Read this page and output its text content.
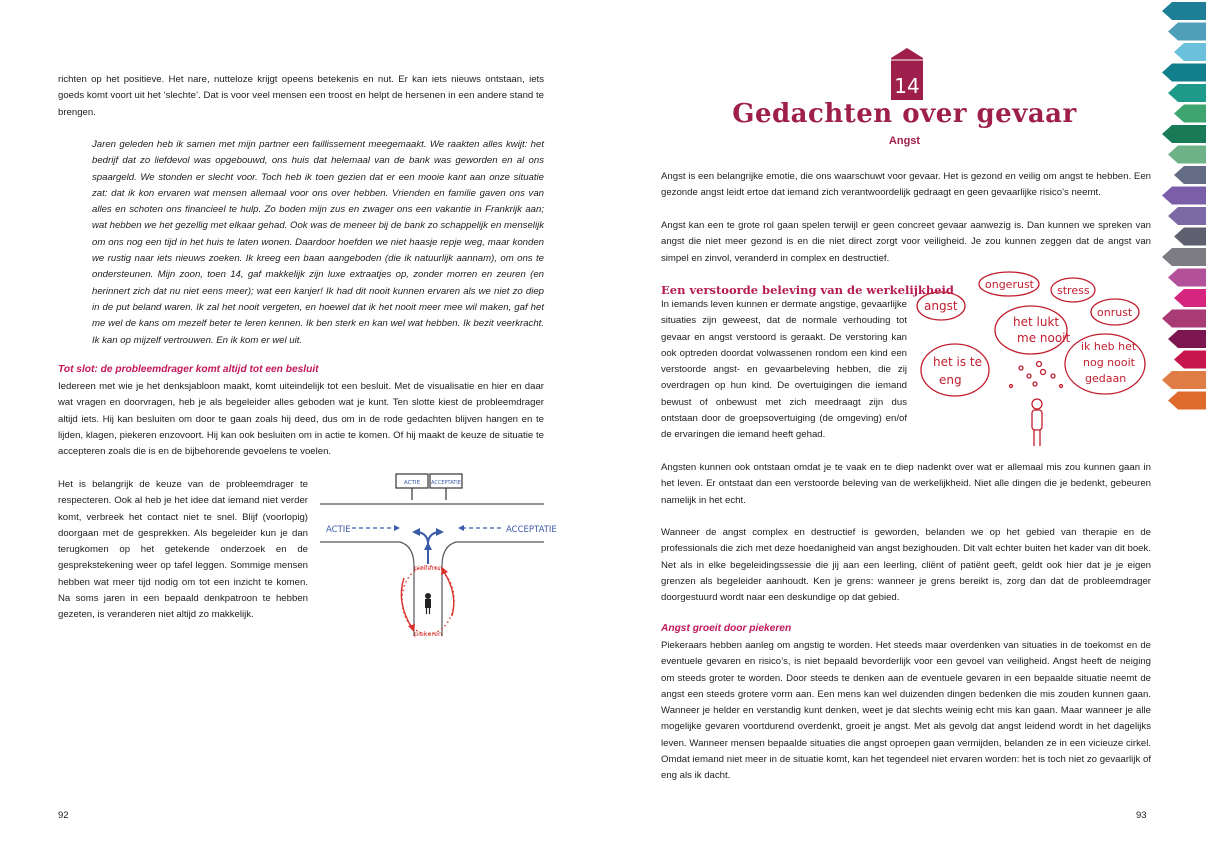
richten op het positieve. Het nare, nutteloze krijgt opeens betekenis en nut. Er kan iets nieuws ontstaan, iets goeds komt voort uit het ‘slechte’. Dat is voor veel mensen een troost en helpt de hersenen in een andere stand te brengen.

Jaren geleden heb ik samen met mijn partner een faillissement meegemaakt. We raakten alles kwijt: het bedrijf dat zo liefdevol was opgebouwd, ons huis dat helemaal van de bank was geworden en al ons spaargeld. We stonden er slecht voor. Toch heb ik toen gezien dat er een mooie kant aan onze situatie zat: dat ik kon ervaren wat mensen allemaal voor ons over hebben. Vrienden en familie gaven ons van alles en schoten ons financieel te hulp. Zo boden mijn zus en zwager ons een vakantie in Frankrijk aan; wat hebben we het gezellig met elkaar gehad. Ook was de meneer bij de bank zo schappelijk en menselijk om ons nog een tijd in het huis te laten wonen. Daardoor hoefden we niet haasje repje weg, maar konden we rustig naar iets nieuws zoeken. Ik kreeg een baan aangeboden (die ik natuurlijk aannam), om ons te ondersteunen. Mijn zoon, toen 14, gaf makkelijk zijn luxe extraatjes op, zonder morren en zeuren (en herinnert zich dat nu niet eens meer); wat een kanjer! Ik had dit nooit kunnen ervaren als we niet zo diep in de put beland waren. Ik zal het nooit vergeten, en hoewel dat ik het nooit meer mee wil maken, gaf het me wel de kans om mezelf beter te leren kennen. Ik ben sterk en kan wel wat hebben. Ik bezit veerkracht. Ik kan op mijzelf vertrouwen. En ik kom er wel uit.

Tot slot: de probleemdrager komt altijd tot een besluit

Iedereen met wie je het denksjabloon maakt, komt uiteindelijk tot een besluit. Met de visualisatie en hier en daar wat vragen en doorvragen, heb je als begeleider alles geboden wat je kunt. Ten slotte kiest de probleemdrager altijd iets. Hij kan besluiten om door te gaan zoals hij deed, dus om in de rode gedachten blijven hangen en te lijden, klagen, piekeren enzovoort. Hij kan ook besluiten om in actie te komen. Of hij maakt de keuze de situatie te accepteren zoals die is en de bijbehorende gevoelens te voelen.

Het is belangrijk de keuze van de probleemdrager te respecteren. Ook al heb je het idee dat iemand niet verder komt, verbreek het contact niet te snel. Blijf (voorlopig) doorgaan met de gesprekken. Als begeleider kun je dan terugkomen op het getekende onderzoek en de gesprekstekening weer op tafel leggen. Sommige mensen hebben wat meer tijd nodig om tot een inzicht te komen. Na soms jaren in een bepaald denkpatroon te hebben gezeten, is veranderen niet altijd zo makkelijk.

ACTIE ACCEPTATIE
ACTIE	ACCEPTATIE
piekeren
piekeren
92
14
Gedachten over gevaar
Angst

Angst is een belangrijke emotie, die ons waarschuwt voor gevaar. Het is gezond en veilig om angst te hebben. Een gezonde angst leidt ertoe dat iemand zich verantwoordelijk gedraagt en geen gevaarlijke risico’s neemt.

Angst kan een te grote rol gaan spelen terwijl er geen concreet gevaar aanwezig is. Dan kunnen we spreken van angst die niet meer gezond is en die niet direct zorgt voor veiligheid. Je zou kunnen zeggen dat de angst van simpel en zinvol, veranderd in complex en destructief.

Een verstoorde beleving van de werkelijkheid

In iemands leven kunnen er dermate angstige, gevaarlijke situaties zijn geweest, dat de normale verhouding tot gevaar en angst verstoord is geraakt. De verstoring kan ook optreden doordat volwassenen rondom een kind een verstoorde angst- en gevaarbeleving hebben, die zij overdragen op hun kind. De overtuigingen die iemand bewust of onbewust met zich meedraagt zijn dus ontstaan door de groepsovertuiging (de omgeving) en/of de ervaringen die iemand heeft gehad.

angst
ongerust stress
onrust
het lukt
me nooit
het is te
eng
ik heb het
nog nooit
gedaan

Angsten kunnen ook ontstaan omdat je te vaak en te diep nadenkt over wat er allemaal mis zou kunnen gaan in het leven. Er ontstaat dan een verstoorde beleving van de werkelijkheid. Niet alle dingen die je bedenkt, gebeuren namelijk in het echt.

Wanneer de angst complex en destructief is geworden, belanden we op het gebied van therapie en de professionals die zich met deze hoedanigheid van angst bezighouden. Dit valt echter buiten het kader van dit boek. Net als in elke begeleidingssessie die jij aan een leerling, cliënt of patiënt geeft, geldt ook hier dat je je eigen grenzen als begeleider aanhoudt. Ken je grens: wanneer je grens bereikt is, zorg dan dat de probleemdrager doorgestuurd wordt naar een deskundige op dat gebied.

Angst groeit door piekeren

Piekeraars hebben aanleg om angstig te worden. Het steeds maar overdenken van situaties in de toekomst en de eventuele gevaren en risico’s, is niet bepaald bevorderlijk voor een gevoel van veiligheid. Angst heeft de neiging om steeds groter te worden. Door steeds te denken aan de eventuele gevaren in een bepaalde situatie neemt de angst een steeds grotere vorm aan. Een mens kan wel duizenden dingen bedenken die mis zouden kunnen gaan. Wanneer je helder en verstandig kunt denken, weet je dat slechts weinig echt mis kan gaan. Maar wanneer je alle mogelijke gevaren voortdurend overdenkt, groeit je angst. Met als gevolg dat angst leidend wordt in het dagelijks leven. Wanneer mensen bepaalde situaties die angst oproepen gaan vermijden, belanden ze in een vicieuze cirkel. Omdat iemand niet meer in de situatie komt, kan het tegendeel niet ervaren worden: het is toch niet zo gevaarlijk of eng als ik dacht.

93
